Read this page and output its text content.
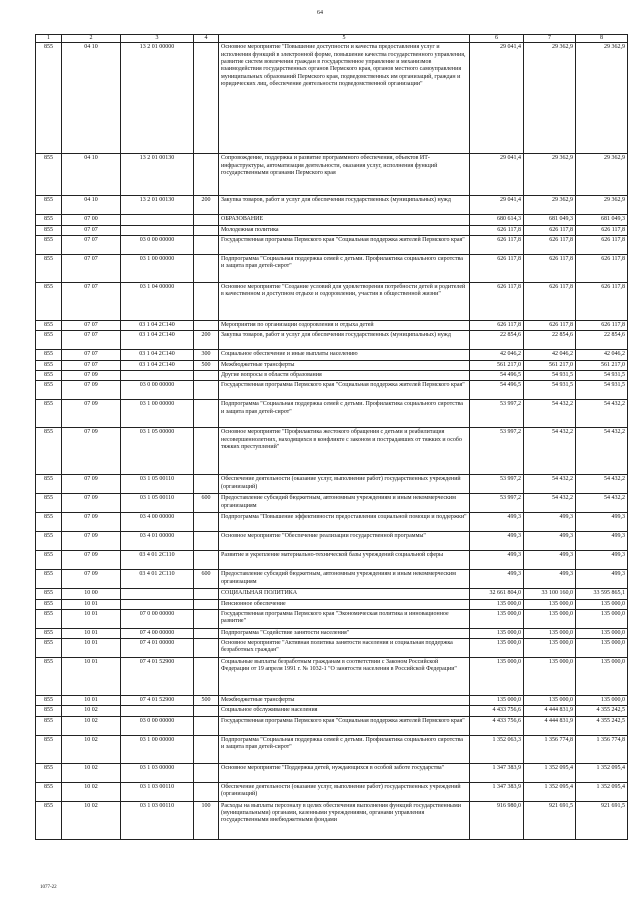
64
1	2	3	4	5	6	7	8
855	04 10	13 2 01 00000		Основное мероприятие "Повышение доступности и качества предоставления услуг и исполнения функций в электронной форме, повышение качества государственного управления, развитие систем вовлечения граждан в государственное управление и механизмов взаимодействия государственных органов Пермского края, органов местного самоуправления муниципальных образований Пермского края, подведомственных им организаций, граждан и юридических лиц, обеспечение деятельности подведомственной организации"	29 041,4	29 362,9	29 362,9
855	04 10	13 2 01 00130		Сопровождение, поддержка и развитие программного обеспечения, объектов ИТ-инфраструктуры, автоматизация деятельности, оказания услуг, исполнения функций государственными органами Пермского края	29 041,4	29 362,9	29 362,9
855	04 10	13 2 01 00130	200	Закупка товаров, работ и услуг для обеспечения государственных (муниципальных) нужд	29 041,4	29 362,9	29 362,9
855	07 00			ОБРАЗОВАНИЕ	680 614,3	681 049,3	681 049,3
855	07 07			Молодежная политика	626 117,8	626 117,8	626 117,8
855	07 07	03 0 00 00000		Государственная программа Пермского края "Социальная поддержка жителей Пермского края"	626 117,8	626 117,8	626 117,8
855	07 07	03 1 00 00000		Подпрограмма "Социальная поддержка семей с детьми. Профилактика социального сиротства и защита прав детей-сирот"	626 117,8	626 117,8	626 117,8
855	07 07	03 1 04 00000		Основное мероприятие "Создание условий для удовлетворения потребности детей и родителей в качественном и доступном отдыхе и оздоровлении, участия в общественной жизни"	626 117,8	626 117,8	626 117,8
855	07 07	03 1 04 2С140		Мероприятия по организации оздоровления и отдыха детей	626 117,8	626 117,8	626 117,8
855	07 07	03 1 04 2С140	200	Закупка товаров, работ и услуг для обеспечения государственных (муниципальных) нужд	22 854,6	22 854,6	22 854,6
855	07 07	03 1 04 2С140	300	Социальное обеспечение и иные выплаты населению	42 046,2	42 046,2	42 046,2
855	07 07	03 1 04 2С140	500	Межбюджетные трансферты	561 217,0	561 217,0	561 217,0
855	07 09			Другие вопросы в области образования	54 496,5	54 931,5	54 931,5
855	07 09	03 0 00 00000		Государственная программа Пермского края "Социальная поддержка жителей Пермского края"	54 496,5	54 931,5	54 931,5
855	07 09	03 1 00 00000		Подпрограмма "Социальная поддержка семей с детьми. Профилактика социального сиротства и защита прав детей-сирот"	53 997,2	54 432,2	54 432,2
855	07 09	03 1 05 00000		Основное мероприятие "Профилактика жестокого обращения с детьми и реабилитация несовершеннолетних, находящихся в конфликте с законом и пострадавших от тяжких и особо тяжких преступлений"	53 997,2	54 432,2	54 432,2
855	07 09	03 1 05 00110		Обеспечение деятельности (оказание услуг, выполнение работ) государственных учреждений (организаций)	53 997,2	54 432,2	54 432,2
855	07 09	03 1 05 00110	600	Предоставление субсидий бюджетным, автономным учреждениям и иным некоммерческим организациям	53 997,2	54 432,2	54 432,2
855	07 09	03 4 00 00000		Подпрограмма "Повышение эффективности предоставления социальной помощи и поддержки"	499,3	499,3	499,3
855	07 09	03 4 01 00000		Основное мероприятие "Обеспечение реализации государственной программы"	499,3	499,3	499,3
855	07 09	03 4 01 2С110		Развитие и укрепление материально-технической базы учреждений социальной сферы	499,3	499,3	499,3
855	07 09	03 4 01 2С110	600	Предоставление субсидий бюджетным, автономным учреждениям и иным некоммерческим организациям	499,3	499,3	499,3
855	10 00			СОЦИАЛЬНАЯ ПОЛИТИКА	32 661 804,0	33 100 160,0	33 595 865,1
855	10 01			Пенсионное обеспечение	135 000,0	135 000,0	135 000,0
855	10 01	07 0 00 00000		Государственная программа Пермского края "Экономическая политика и инновационное развитие"	135 000,0	135 000,0	135 000,0
855	10 01	07 4 00 00000		Подпрограмма "Содействие занятости населения"	135 000,0	135 000,0	135 000,0
855	10 01	07 4 01 00000		Основное мероприятие "Активная политика занятости населения и социальная поддержка безработных граждан"	135 000,0	135 000,0	135 000,0
855	10 01	07 4 01 52900		Социальные выплаты безработным гражданам в соответствии с Законом Российской Федерации от 19 апреля 1991 г. № 1032-1 "О занятости населения в Российской Федерации"	135 000,0	135 000,0	135 000,0
855	10 01	07 4 01 52900	500	Межбюджетные трансферты	135 000,0	135 000,0	135 000,0
855	10 02			Социальное обслуживание населения	4 433 756,6	4 444 831,9	4 355 242,5
855	10 02	03 0 00 00000		Государственная программа Пермского края "Социальная поддержка жителей Пермского края"	4 433 756,6	4 444 831,9	4 355 242,5
855	10 02	03 1 00 00000		Подпрограмма "Социальная поддержка семей с детьми. Профилактика социального сиротства и защита прав детей-сирот"	1 352 063,3	1 356 774,8	1 356 774,8
855	10 02	03 1 03 00000		Основное мероприятие "Поддержка детей, нуждающихся в особой заботе государства"	1 347 383,9	1 352 095,4	1 352 095,4
855	10 02	03 1 03 00110		Обеспечение деятельности (оказание услуг, выполнение работ) государственных учреждений (организаций)	1 347 383,9	1 352 095,4	1 352 095,4
855	10 02	03 1 03 00110	100	Расходы на выплаты персоналу в целях обеспечения выполнения функций государственными (муниципальными) органами, казенными учреждениями, органами управления государственными внебюджетными фондами	916 980,0	921 691,5	921 691,5
1077-22
